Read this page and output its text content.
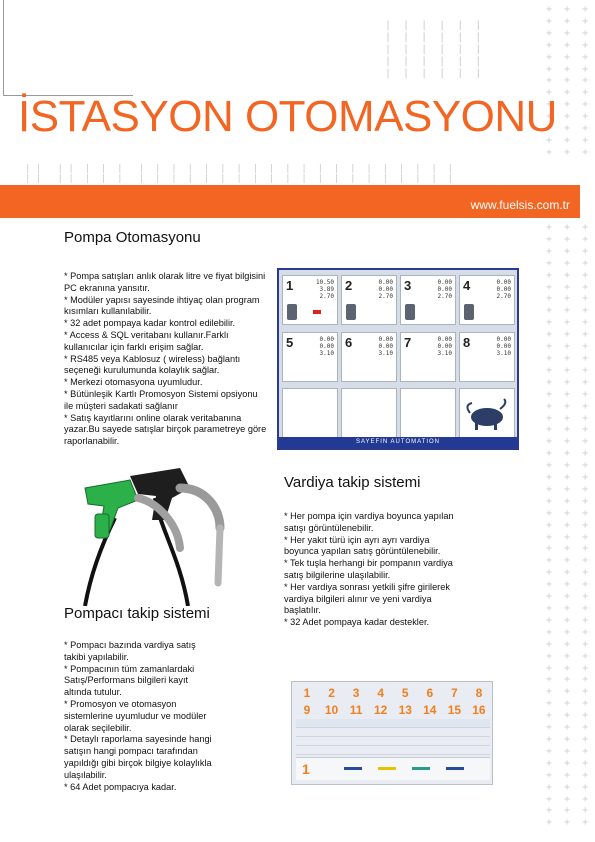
|  |  |  |  |  |
|  |  |  |  |  |
|  |  |  |  |  |
|  |  |  |  |  |
|  |  |  |  |  |
| |   | |  |  |  |   |  |  |  |  |  |  |  |  |  |  |  |  |  |  |  |  |  |  |  |
| |   | |  |  |  |   |  |  |  |  |  |  |  |  |  |  |  |  |  |  |  |  |  |  |  |
+  +  +
+  +  +
+  +  +
+  +  +
+  +  +
+  +  +
+  +  +
+  +  +
+  +  +
+  +  +
+  +  +
+  +  +
+  +  +
+  +  +
+  +  +
+  +  +
+  +  +
+  +  +
+  +  +
+  +  +
+  +  +
+  +  +
+  +  +
+  +  +
+  +  +
+  +  +
+  +  +
+  +  +
+  +  +
+  +  +
+  +  +
+  +  +
+  +  +
+  +  +
+  +  +
+  +  +
+  +  +
+  +  +
+  +  +
+  +  +
+  +  +
+  +  +
+  +  +
+  +  +
+  +  +
+  +  +
+  +  +
+  +  +
+  +  +
+  +  +
+  +  +
+  +  +
+  +  +
+  +  +
+  +  +
+  +  +
+  +  +
+  +  +
+  +  +
+  +  +
+  +  +
+  +  +
+  +  +
+  +  +
İSTASYON OTOMASYONU
www.fuelsis.com.tr
Pompa Otomasyonu
* Pompa satışları anlık olarak litre ve fiyat bilgisini PC ekranına yansıtır.
* Modüler yapısı sayesinde ihtiyaç olan program kısımları kullanılabilir.
* 32 adet pompaya kadar kontrol edilebilir.
* Access & SQL veritabanı kullanır.Farklı kullanıcılar için farklı erişim sağlar.
* RS485 veya Kablosuz ( wireless) bağlantı seçeneği kurulumunda kolaylık sağlar.
* Merkezi otomasyona uyumludur.
* Bütünleşik Kartlı Promosyon Sistemi opsiyonu ile müşteri sadakati sağlanır
* Satış kayıtlarını online olarak veritabanına yazar.Bu sayede satışlar birçok parametreye göre raporlanabilir.
1	10.50
3.89
2.70
2	0.00
0.00
2.70
3	0.00
0.00
2.70
4	0.00
0.00
2.70
5	0.00
0.00
3.10
6	0.00
0.00
3.10
7	0.00
0.00
3.10
8	0.00
0.00
3.10
SAYEFIN AUTOMATION
Vardiya takip sistemi
* Her pompa için vardiya boyunca yapılan satışı görüntülenebilir.
* Her yakıt türü için ayrı ayrı vardiya boyunca yapılan satış görüntülenebilir.
* Tek tuşla herhangi bir pompanın vardiya satış bilgilerine ulaşılabilir.
* Her vardiya sonrası yetkili şifre girilerek vardiya bilgileri alınır ve yeni vardiya başlatılır.
* 32 Adet pompaya kadar destekler.
Pompacı takip sistemi
* Pompacı bazında vardiya satış takibi yapılabilir.
* Pompacının tüm zamanlardaki Satış/Performans bilgileri kayıt altında tutulur.
* Promosyon ve otomasyon sistemlerine uyumludur ve modüler olarak seçilebilir.
* Detaylı raporlama sayesinde hangi satışın hangi pompacı tarafından yapıldığı gibi birçok bilgiye kolaylıkla ulaşılabilir.
* 64 Adet pompacıya kadar.
1	2	3	4	5	6	7	8
9	10 11 12 13 14 15 16
1
